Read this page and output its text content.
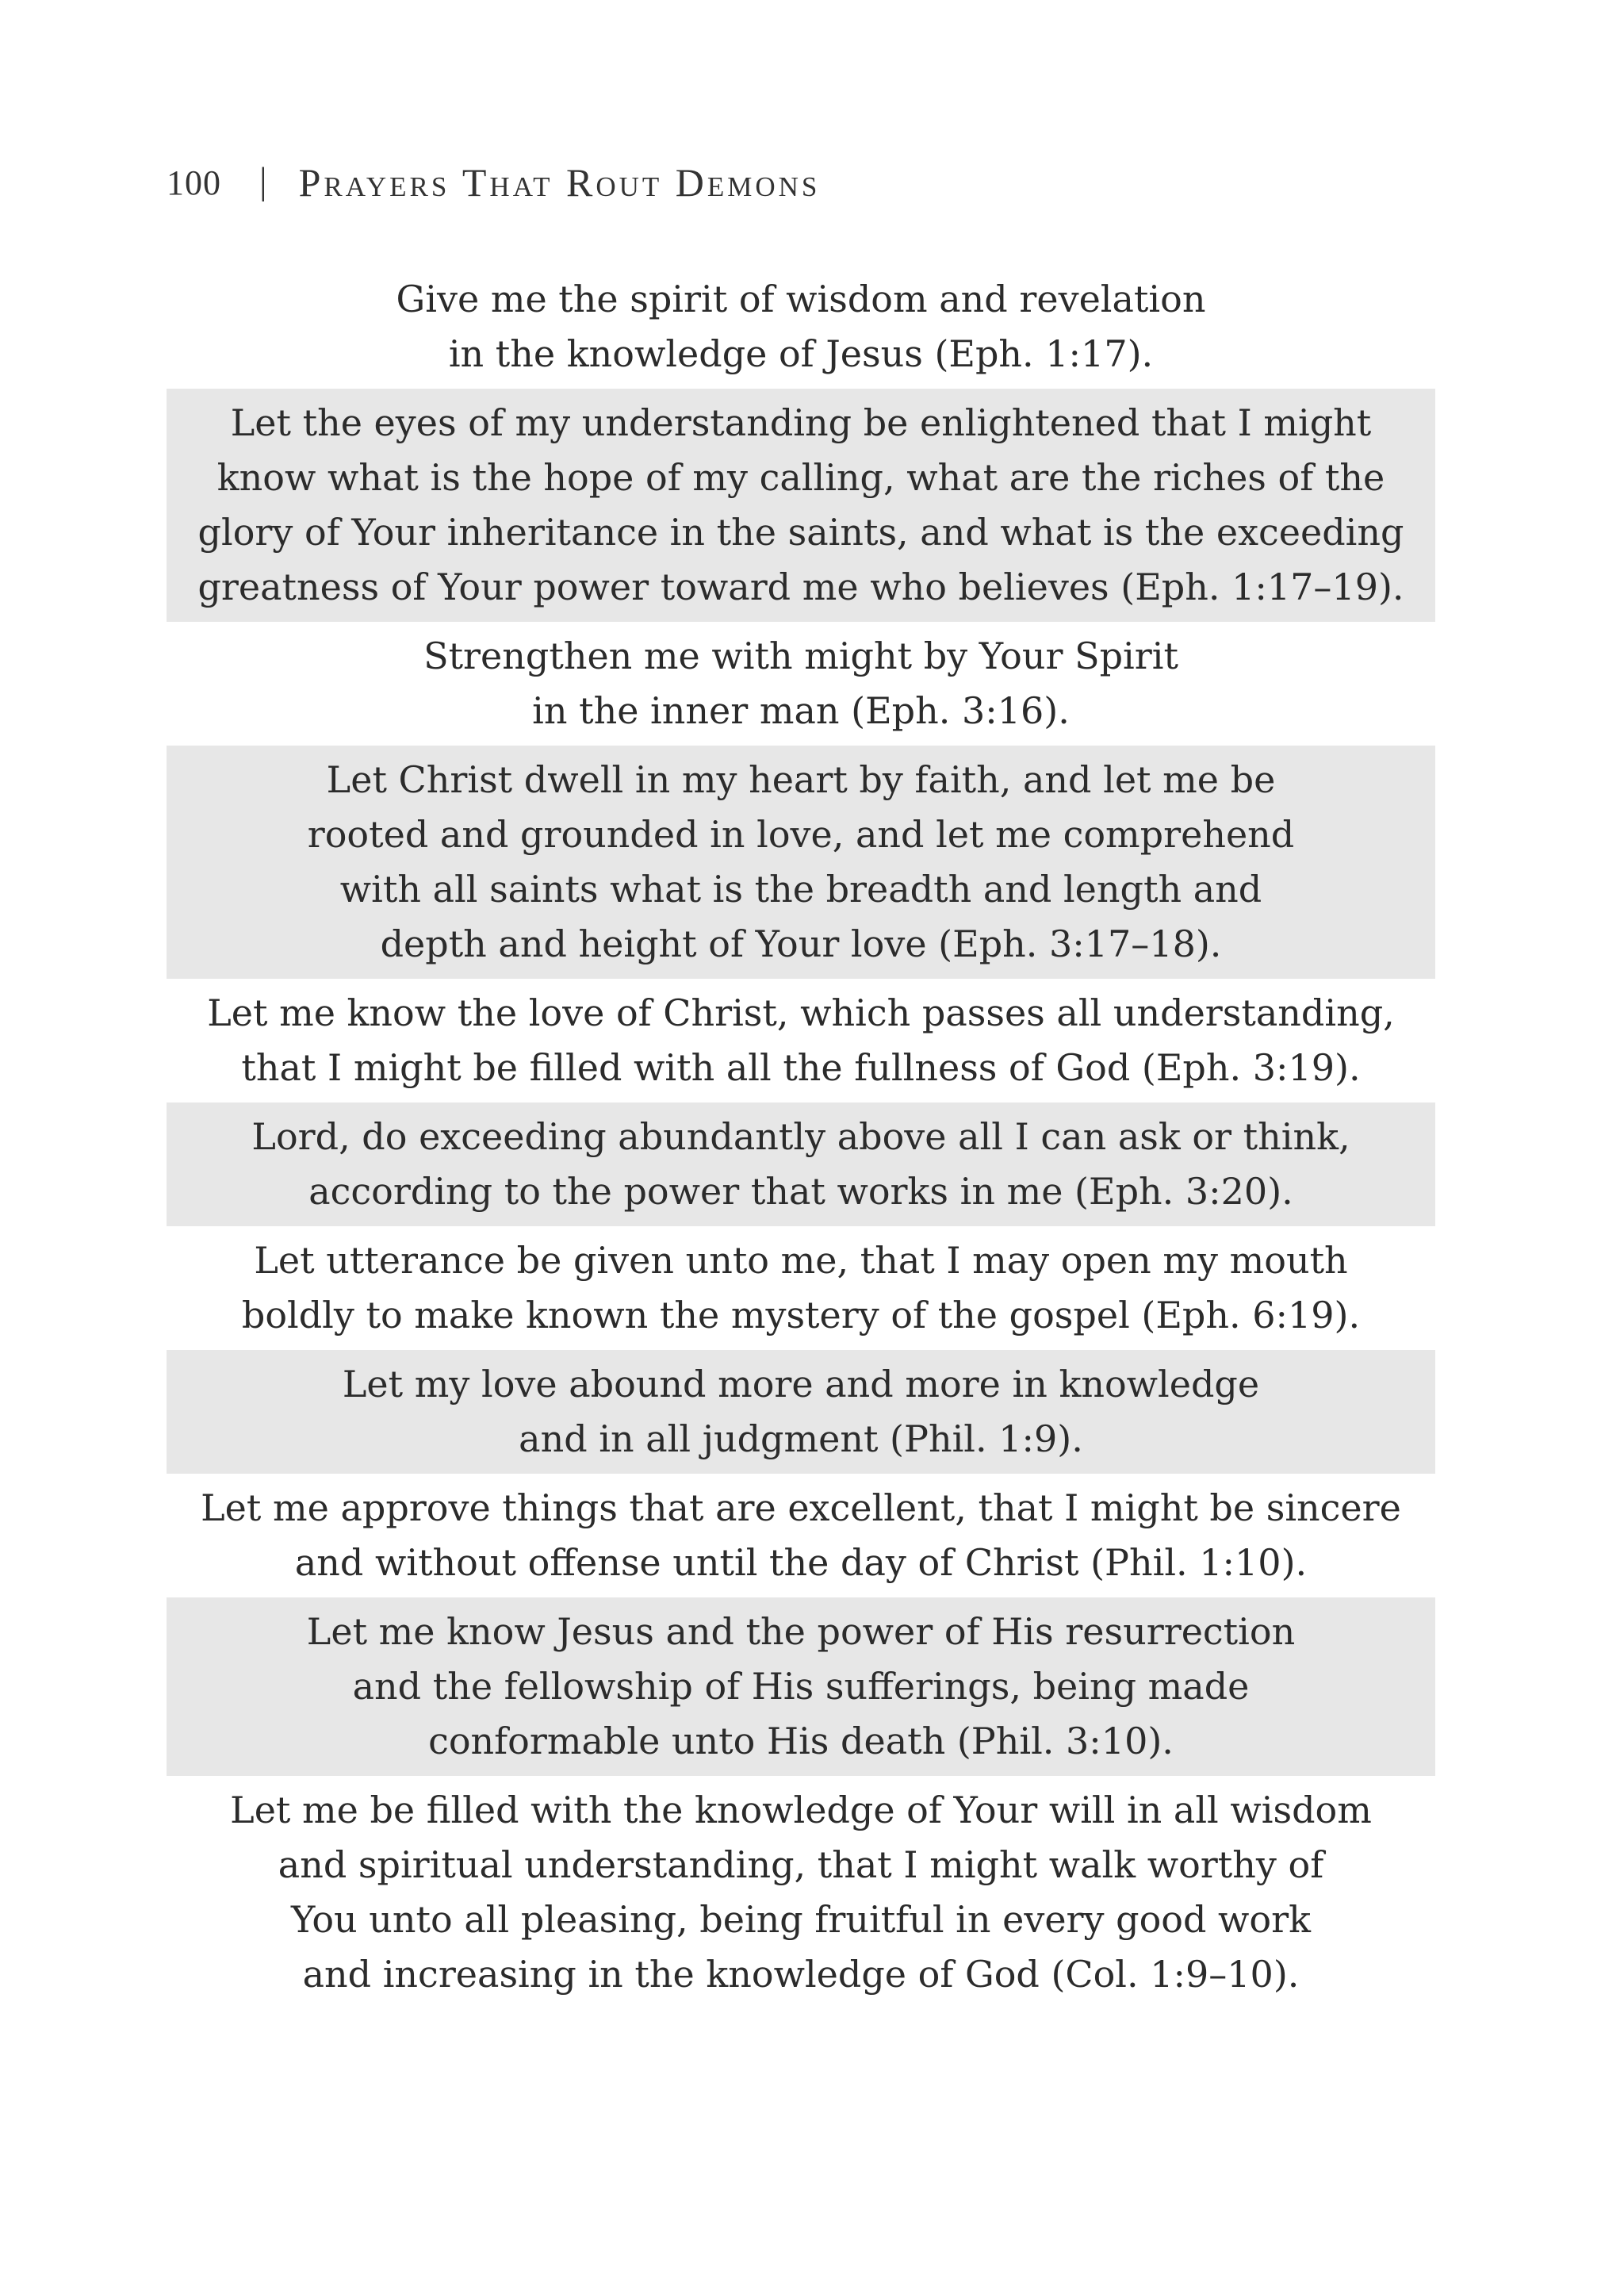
100 | Prayers That Rout Demons
Give me the spirit of wisdom and revelation
in the knowledge of Jesus (Eph. 1:17).
Let the eyes of my understanding be enlightened that I might
know what is the hope of my calling, what are the riches of the
glory of Your inheritance in the saints, and what is the exceeding
greatness of Your power toward me who believes (Eph. 1:17–19).
Strengthen me with might by Your Spirit
in the inner man (Eph. 3:16).
Let Christ dwell in my heart by faith, and let me be
rooted and grounded in love, and let me comprehend
with all saints what is the breadth and length and
depth and height of Your love (Eph. 3:17–18).
Let me know the love of Christ, which passes all understanding,
that I might be filled with all the fullness of God (Eph. 3:19).
Lord, do exceeding abundantly above all I can ask or think,
according to the power that works in me (Eph. 3:20).
Let utterance be given unto me, that I may open my mouth
boldly to make known the mystery of the gospel (Eph. 6:19).
Let my love abound more and more in knowledge
and in all judgment (Phil. 1:9).
Let me approve things that are excellent, that I might be sincere
and without offense until the day of Christ (Phil. 1:10).
Let me know Jesus and the power of His resurrection
and the fellowship of His sufferings, being made
conformable unto His death (Phil. 3:10).
Let me be filled with the knowledge of Your will in all wisdom
and spiritual understanding, that I might walk worthy of
You unto all pleasing, being fruitful in every good work
and increasing in the knowledge of God (Col. 1:9–10).
